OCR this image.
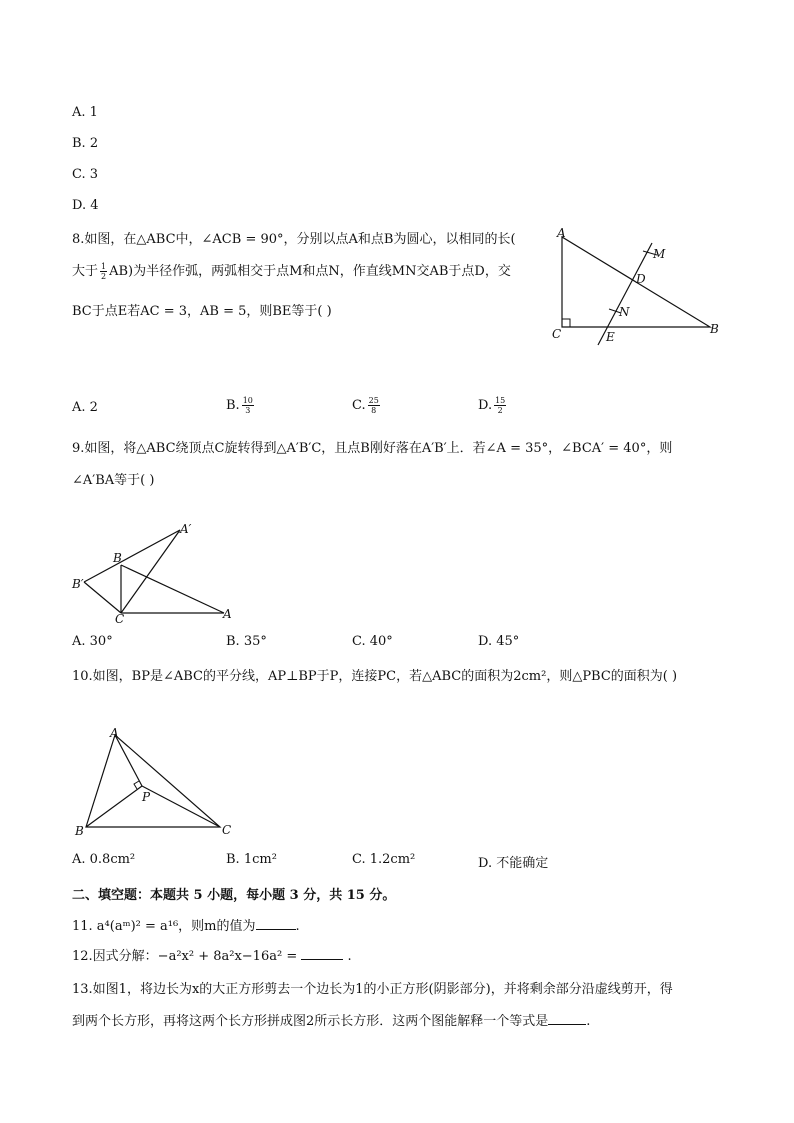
A. 1
B. 2
C. 3
D. 4
8.如图，在△ABC中，∠ACB = 90°，分别以点A和点B为圆心，以相同的长(
大于 $\frac{1}{2} AB$)为半径作弧，两弧相交于点M和点N，作直线MN交AB于点D，交
BC于点E若AC = 3，AB = 5，则BE等于( )
A
M
D
N
C	E
B
A. 2	B. $\frac{10}{3}$	C. $\frac{25}{8}$	D. $\frac{15}{2}$
9.如图，将△ABC绕顶点C旋转得到△A′B′C，且点B刚好落在A′B′上．若∠A = 35°，∠BCA′ = 40°，则
∠A′BA等于( )
A′
B
B′
C	A
A. 30°	B. 35°	C. 40°	D. 45°
10.如图，BP是∠ABC的平分线，AP⊥BP于P，连接PC，若△ABC的面积为2cm²，则△PBC的面积为( )
A
P
B	C
A. 0.8cm²	B. 1cm²	C. 1.2cm²	D. 不能确定
二、填空题：本题共 5 小题，每小题 3 分，共 15 分。
11. a⁴(aᵐ)² = a¹⁶，则m的值为	.
12.因式分解：−a²x² + 8a²x−16a² =	.
13.如图1，将边长为x的大正方形剪去一个边长为1的小正方形(阴影部分)，并将剩余部分沿虚线剪开，得
到两个长方形，再将这两个长方形拼成图2所示长方形．这两个图能解释一个等式是	.
